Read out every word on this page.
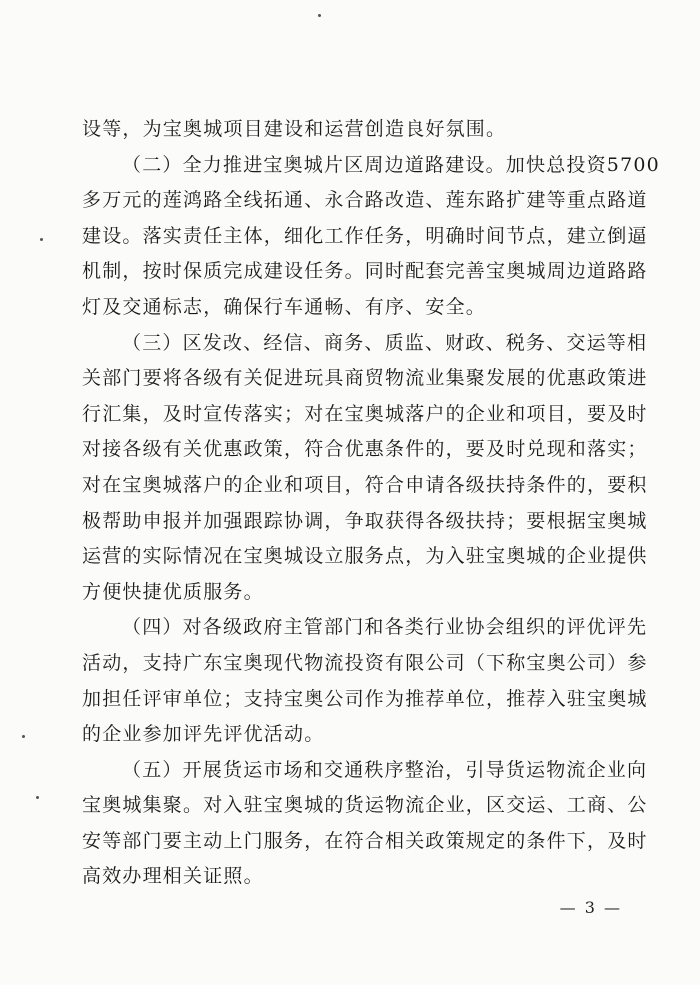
设等，为宝奥城项目建设和运营创造良好氛围。
（二）全力推进宝奥城片区周边道路建设。加快总投资5700
多万元的莲鸿路全线拓通、永合路改造、莲东路扩建等重点路道
建设。落实责任主体，细化工作任务，明确时间节点，建立倒逼
机制，按时保质完成建设任务。同时配套完善宝奥城周边道路路
灯及交通标志，确保行车通畅、有序、安全。
（三）区发改、经信、商务、质监、财政、税务、交运等相
关部门要将各级有关促进玩具商贸物流业集聚发展的优惠政策进
行汇集，及时宣传落实；对在宝奥城落户的企业和项目，要及时
对接各级有关优惠政策，符合优惠条件的，要及时兑现和落实；
对在宝奥城落户的企业和项目，符合申请各级扶持条件的，要积
极帮助申报并加强跟踪协调，争取获得各级扶持；要根据宝奥城
运营的实际情况在宝奥城设立服务点，为入驻宝奥城的企业提供
方便快捷优质服务。
（四）对各级政府主管部门和各类行业协会组织的评优评先
活动，支持广东宝奥现代物流投资有限公司（下称宝奥公司）参
加担任评审单位；支持宝奥公司作为推荐单位，推荐入驻宝奥城
的企业参加评先评优活动。
（五）开展货运市场和交通秩序整治，引导货运物流企业向
宝奥城集聚。对入驻宝奥城的货运物流企业，区交运、工商、公
安等部门要主动上门服务，在符合相关政策规定的条件下，及时
高效办理相关证照。
— 3 —
